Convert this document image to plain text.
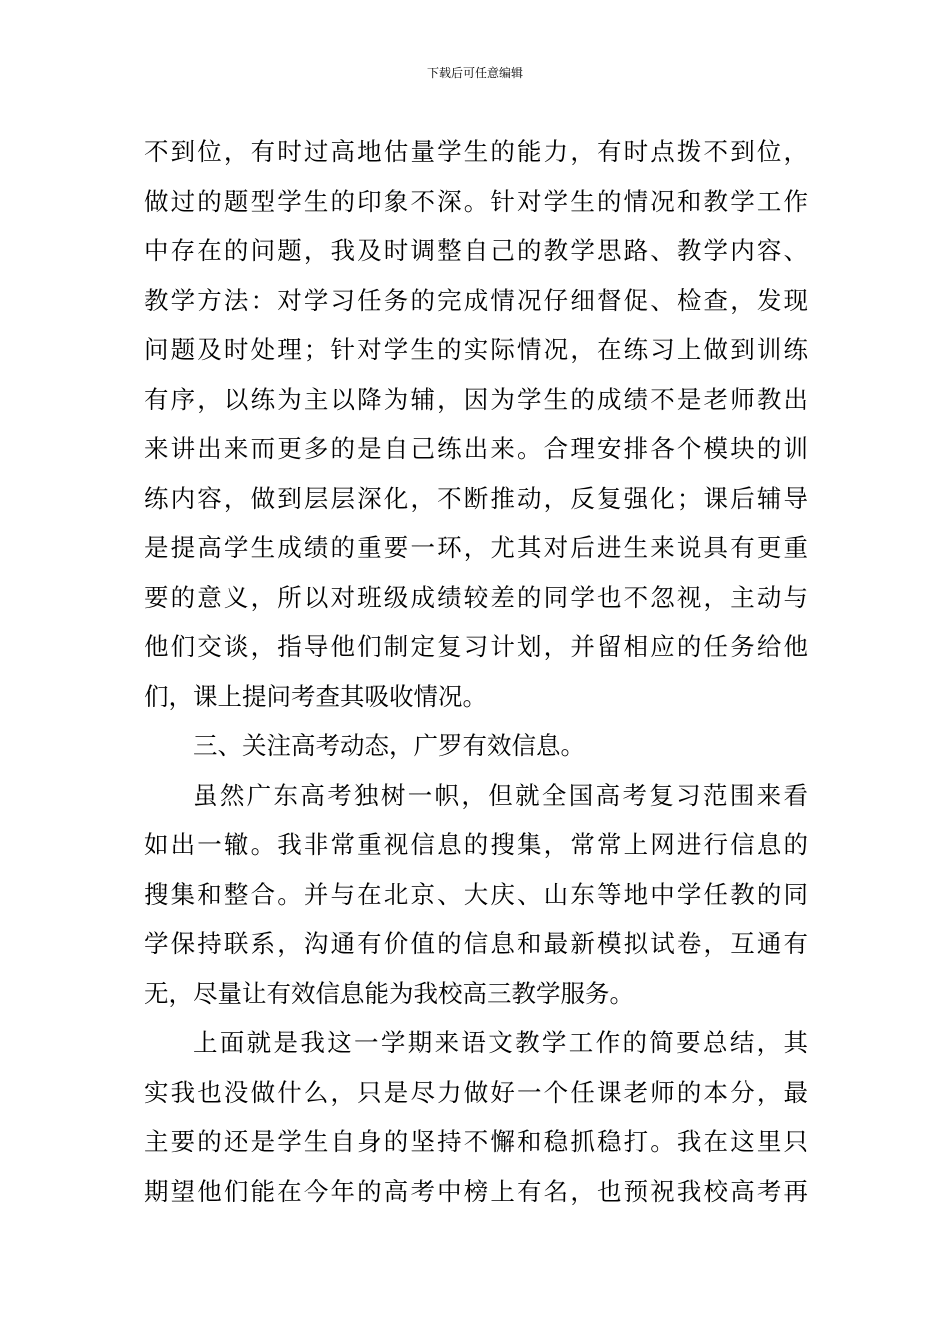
下载后可任意编辑
不到位，有时过高地估量学生的能力，有时点拨不到位，
做过的题型学生的印象不深。针对学生的情况和教学工作
中存在的问题，我及时调整自己的教学思路、教学内容、
教学方法：对学习任务的完成情况仔细督促、检查，发现
问题及时处理；针对学生的实际情况，在练习上做到训练
有序，以练为主以降为辅，因为学生的成绩不是老师教出
来讲出来而更多的是自己练出来。合理安排各个模块的训
练内容，做到层层深化，不断推动，反复强化；课后辅导
是提高学生成绩的重要一环，尤其对后进生来说具有更重
要的意义，所以对班级成绩较差的同学也不忽视，主动与
他们交谈，指导他们制定复习计划，并留相应的任务给他
们，课上提问考查其吸收情况。
三、关注高考动态，广罗有效信息。
虽然广东高考独树一帜，但就全国高考复习范围来看
如出一辙。我非常重视信息的搜集，常常上网进行信息的
搜集和整合。并与在北京、大庆、山东等地中学任教的同
学保持联系，沟通有价值的信息和最新模拟试卷，互通有
无，尽量让有效信息能为我校高三教学服务。
上面就是我这一学期来语文教学工作的简要总结，其
实我也没做什么，只是尽力做好一个任课老师的本分，最
主要的还是学生自身的坚持不懈和稳抓稳打。我在这里只
期望他们能在今年的高考中榜上有名，也预祝我校高考再
